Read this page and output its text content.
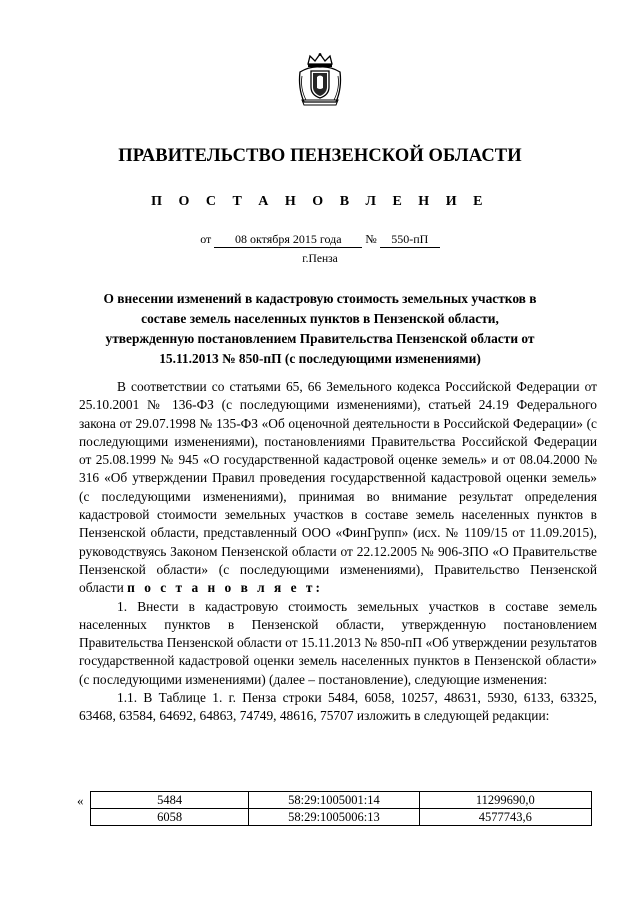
ПРАВИТЕЛЬСТВО ПЕНЗЕНСКОЙ ОБЛАСТИ
П О С Т А Н О В Л Е Н И Е
от 08 октября 2015 года № 550-пП
г.Пенза
О внесении изменений в кадастровую стоимость земельных участков в составе земель населенных пунктов в Пензенской области, утвержденную постановлением Правительства Пензенской области от 15.11.2013 № 850-пП (с последующими изменениями)

В соответствии со статьями 65, 66 Земельного кодекса Российской Федерации от 25.10.2001 № 136-ФЗ (с последующими изменениями), статьей 24.19 Федерального закона от 29.07.1998 № 135-ФЗ «Об оценочной деятельности в Российской Федерации» (с последующими изменениями), постановлениями Правительства Российской Федерации от 25.08.1999 № 945 «О государственной кадастровой оценке земель» и от 08.04.2000 № 316 «Об утверждении Правил проведения государственной кадастровой оценки земель» (с последующими изменениями), принимая во внимание результат определения кадастровой стоимости земельных участков в составе земель населенных пунктов в Пензенской области, представленный ООО «ФинГрупп» (исх. № 1109/15 от 11.09.2015), руководствуясь Законом Пензенской области от 22.12.2005 № 906-ЗПО «О Правительстве Пензенской области» (с последующими изменениями), Правительство Пензенской области п о с т а н о в л я е т:

1. Внести в кадастровую стоимость земельных участков в составе земель населенных пунктов в Пензенской области, утвержденную постановлением Правительства Пензенской области от 15.11.2013 № 850-пП «Об утверждении результатов государственной кадастровой оценки земель населенных пунктов в Пензенской области» (с последующими изменениями) (далее – постановление), следующие изменения:

1.1. В Таблице 1. г. Пенза строки 5484, 6058, 10257, 48631, 5930, 6133, 63325, 63468, 63584, 64692, 64863, 74749, 48616, 75707 изложить в следующей редакции:

«	5484	58:29:1005001:14	11299690,0
6058	58:29:1005006:13	4577743,6
